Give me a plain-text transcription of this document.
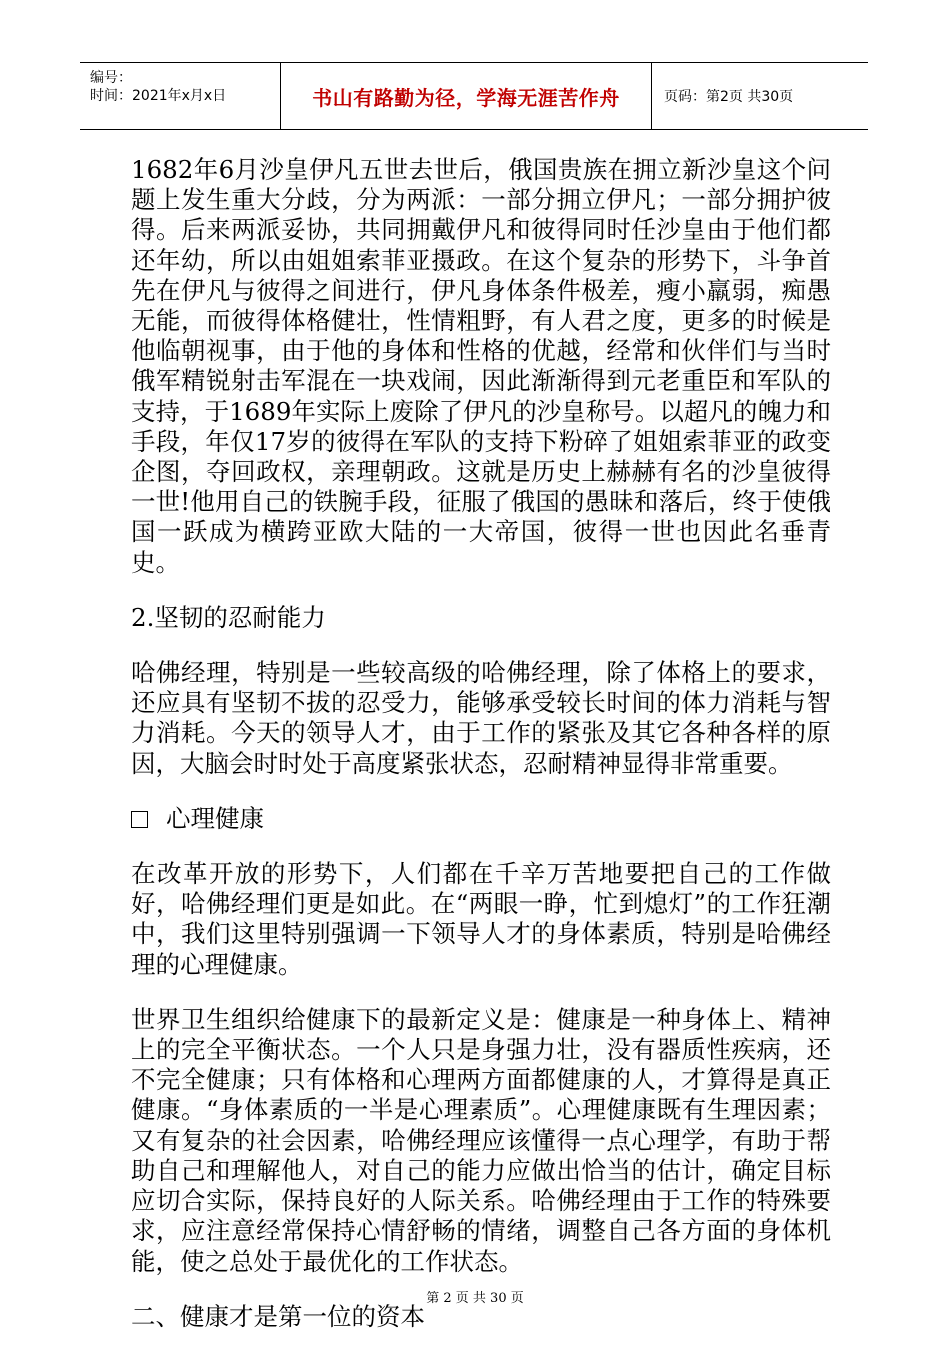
编号：
时间：2021年x月x日	书山有路勤为径，学海无涯苦作舟	页码：第2页 共30页

1682年6月沙皇伊凡五世去世后，俄国贵族在拥立新沙皇这个问题上发生重大分歧，分为两派：一部分拥立伊凡；一部分拥护彼得。后来两派妥协，共同拥戴伊凡和彼得同时任沙皇由于他们都还年幼，所以由姐姐索菲亚摄政。在这个复杂的形势下，斗争首先在伊凡与彼得之间进行，伊凡身体条件极差，瘦小羸弱，痴愚无能，而彼得体格健壮，性情粗野，有人君之度，更多的时候是他临朝视事，由于他的身体和性格的优越，经常和伙伴们与当时俄军精锐射击军混在一块戏闹，因此渐渐得到元老重臣和军队的支持，于1689年实际上废除了伊凡的沙皇称号。以超凡的魄力和手段，年仅17岁的彼得在军队的支持下粉碎了姐姐索菲亚的政变企图，夺回政权，亲理朝政。这就是历史上赫赫有名的沙皇彼得一世!他用自己的铁腕手段，征服了俄国的愚昧和落后，终于使俄国一跃成为横跨亚欧大陆的一大帝国，彼得一世也因此名垂青史。

2.坚韧的忍耐能力

哈佛经理，特别是一些较高级的哈佛经理，除了体格上的要求，还应具有坚韧不拔的忍受力，能够承受较长时间的体力消耗与智力消耗。今天的领导人才，由于工作的紧张及其它各种各样的原因，大脑会时时处于高度紧张状态，忍耐精神显得非常重要。

心理健康

在改革开放的形势下，人们都在千辛万苦地要把自己的工作做好，哈佛经理们更是如此。在“两眼一睁，忙到熄灯”的工作狂潮中，我们这里特别强调一下领导人才的身体素质，特别是哈佛经理的心理健康。

世界卫生组织给健康下的最新定义是：健康是一种身体上、精神上的完全平衡状态。一个人只是身强力壮，没有器质性疾病，还不完全健康；只有体格和心理两方面都健康的人，才算得是真正健康。“身体素质的一半是心理素质”。心理健康既有生理因素；又有复杂的社会因素，哈佛经理应该懂得一点心理学，有助于帮助自己和理解他人，对自己的能力应做出恰当的估计，确定目标应切合实际，保持良好的人际关系。哈佛经理由于工作的特殊要求，应注意经常保持心情舒畅的情绪，调整自己各方面的身体机能，使之总处于最优化的工作状态。

二、健康才是第一位的资本

第 2 页 共 30 页
